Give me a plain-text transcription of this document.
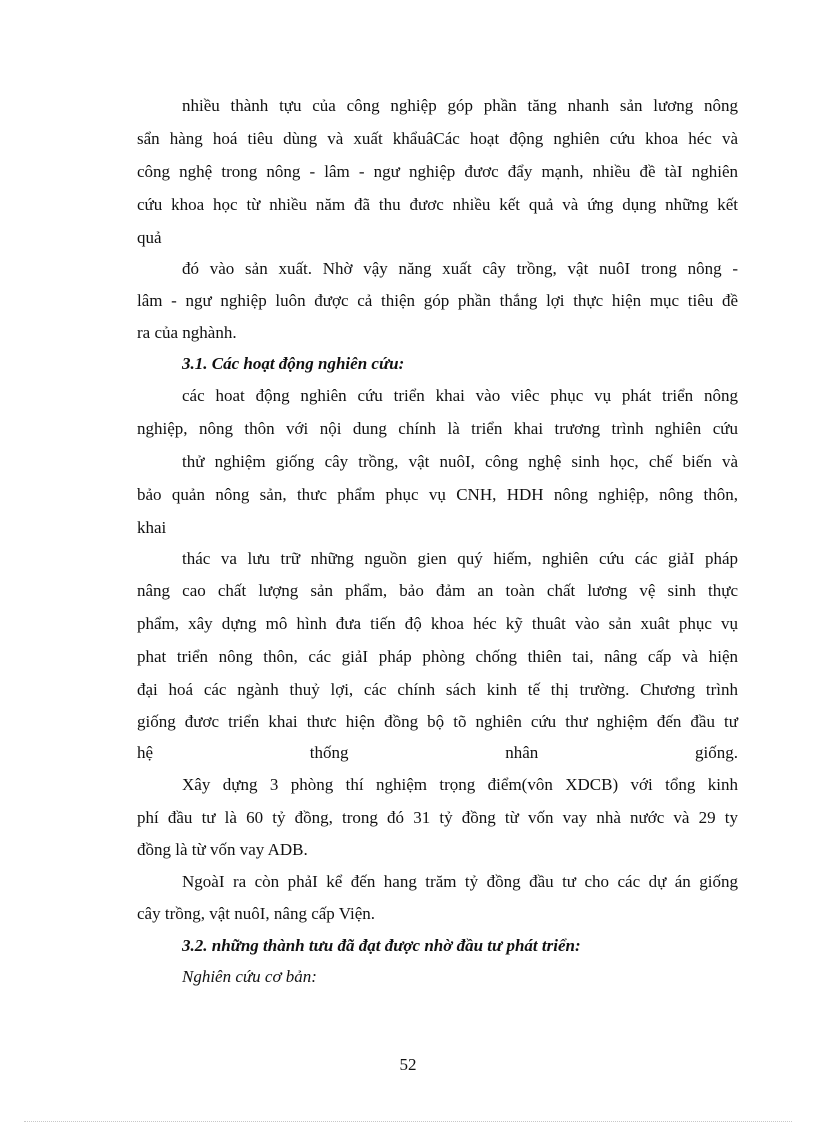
nhiều thành tựu của công nghiệp góp phần tăng nhanh sản lương nông
sẩn hàng hoá tiêu dùng và xuất khẩuâCác hoạt động nghiên cứu khoa héc và
công nghệ trong nông - lâm - ngư nghiệp đươc đẩy mạnh, nhiều đề tàI nghiên
cứu khoa học từ nhiều năm đã thu đươc nhiều kết quả và ứng dụng những kết
quả
đó vào sản xuất. Nhờ vậy năng xuất cây trồng, vật nuôI trong nông -
lâm - ngư nghiệp luôn được cả thiện góp phần thắng lợi thực hiện mục tiêu đề
ra của nghành.
3.1. Các hoạt động nghiên cứu:
các hoat động nghiên cứu triển khai vào viêc phục vụ phát triển nông
nghiệp, nông thôn với nội dung chính là triển khai trương trình nghiên cứu
thử nghiệm giống cây trồng, vật nuôI, công nghệ sinh học, chế biến và
bảo quản nông sản, thưc phẩm phục vụ CNH, HDH nông nghiệp, nông thôn,
khai
thác va lưu trữ những nguồn gien quý hiếm, nghiên cứu các giảI pháp
nâng cao chất lượng sản phẩm, bảo đảm an toàn chất lương vệ sinh thực
phẩm, xây dựng mô hình đưa tiến độ khoa héc kỹ thuât vào sản xuât phục vụ
phat triển nông thôn, các giảI pháp phòng chống thiên tai, nâng cấp và hiện
đại hoá các ngành thuỷ lợi, các chính sách kinh tế thị trường. Chương trình
giống đươc triển khai thưc hiện đồng bộ tõ nghiên cứu thư nghiệm đến đầu tư
hệ thống nhân giống.
Xây dựng 3 phòng thí nghiệm trọng điểm(vôn XDCB) với tổng kinh
phí đầu tư là 60 tỷ đồng, trong đó 31 tỷ đồng từ vốn vay nhà nước và 29 ty
đồng là từ vốn vay ADB.
NgoàI ra còn phảI kể đến hang trăm tỷ đồng đầu tư cho các dự án giống
cây trồng, vật nuôI, nâng cấp Viện.
3.2. những thành tưu đã đạt được nhờ đầu tư phát triển:
Nghiên cứu cơ bản:
52
